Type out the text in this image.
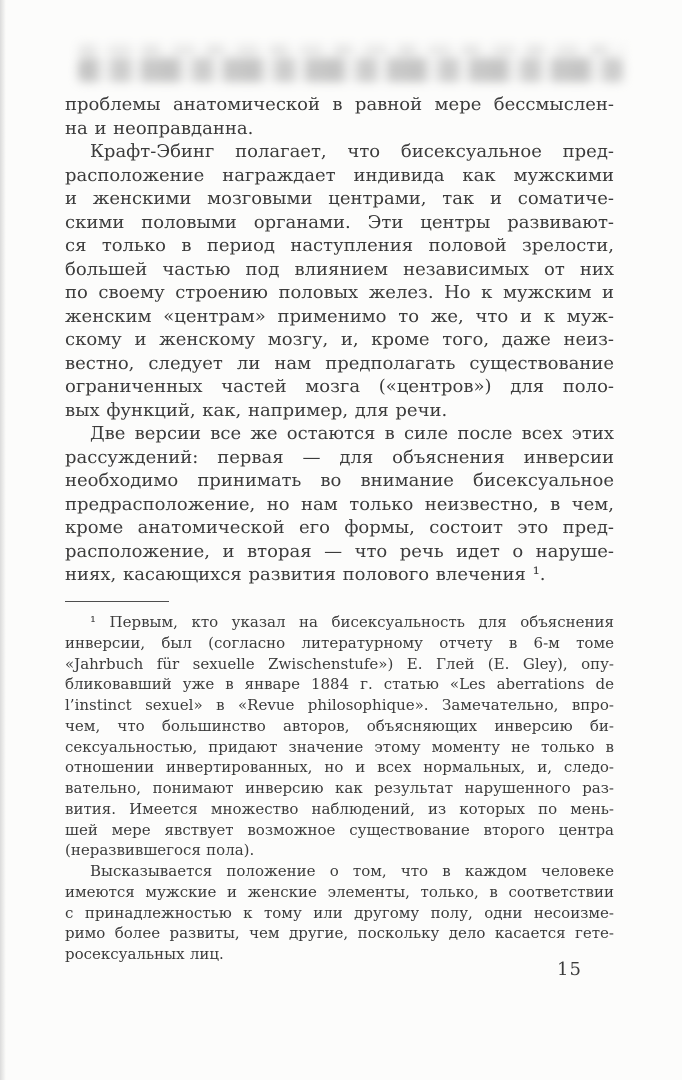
проблемы анатомической в равной мере бессмыслен-
на и неоправданна.
Крафт-Эбинг полагает, что бисексуальное пред-
расположение награждает индивида как мужскими
и женскими мозговыми центрами, так и соматиче-
скими половыми органами. Эти центры развивают-
ся только в период наступления половой зрелости,
большей частью под влиянием независимых от них
по своему строению половых желез. Но к мужским и
женским «центрам» применимо то же, что и к муж-
скому и женскому мозгу, и, кроме того, даже неиз-
вестно, следует ли нам предполагать существование
ограниченных частей мозга («центров») для поло-
вых функций, как, например, для речи.
Две версии все же остаются в силе после всех этих
рассуждений: первая — для объяснения инверсии
необходимо принимать во внимание бисексуальное
предрасположение, но нам только неизвестно, в чем,
кроме анатомической его формы, состоит это пред-
расположение, и вторая — что речь идет о наруше-
ниях, касающихся развития полового влечения ¹.
¹ Первым, кто указал на бисексуальность для объяснения
инверсии, был (согласно литературному отчету в 6-м томе
«Jahrbuch für sexuelle Zwischenstufe») Е. Глей (E. Gley), опу-
бликовавший уже в январе 1884 г. статью «Les aberrations de
l’instinct sexuel» в «Revue philosophique». Замечательно, впро-
чем, что большинство авторов, объясняющих инверсию би-
сексуальностью, придают значение этому моменту не только в
отношении инвертированных, но и всех нормальных, и, следо-
вательно, понимают инверсию как результат нарушенного раз-
вития. Имеется множество наблюдений, из которых по мень-
шей мере явствует возможное существование второго центра
(неразвившегося пола).
Высказывается положение о том, что в каждом человеке
имеются мужские и женские элементы, только, в соответствии
с принадлежностью к тому или другому полу, одни несоизме-
римо более развиты, чем другие, поскольку дело касается гете-
росексуальных лиц.
15
